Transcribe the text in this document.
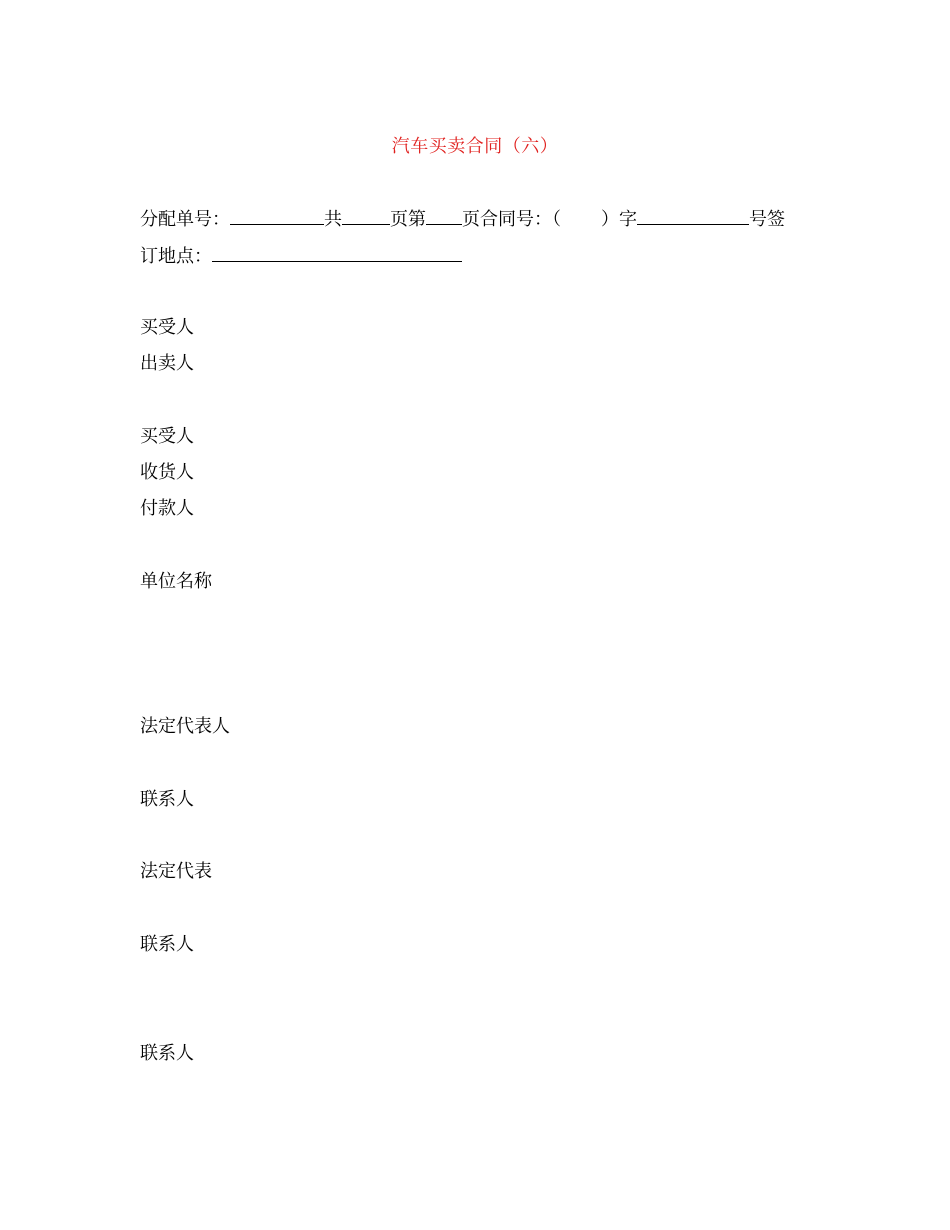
汽车买卖合同（六）
分配单号：	共	页第 页合同号：（ ）字	号签
订地点：
买受人
出卖人
买受人
收货人
付款人
单位名称
法定代表人
联系人
法定代表
联系人
联系人
